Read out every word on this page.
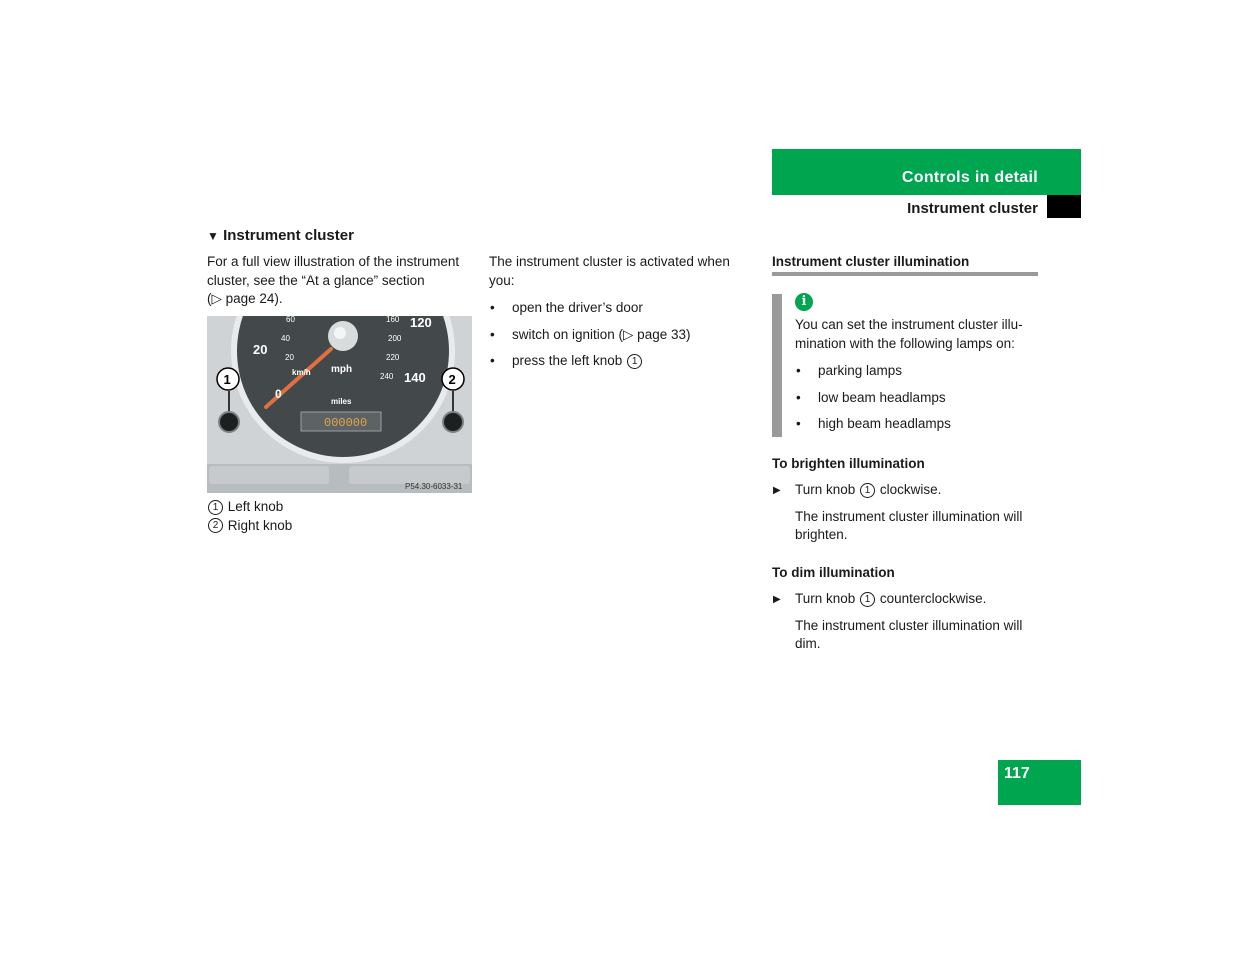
Controls in detail
Instrument cluster
▼ Instrument cluster
For a full view illustration of the instrument cluster, see the “At a glance” section
(▷ page 24).
20
0
120
140
mph
km/h
miles
60
40
20
160
200
220
240
000000
1	2
P54.30-6033-31
1 Left knob
2 Right knob
The instrument cluster is activated when you:
• open the driver’s door
• switch on ignition (▷ page 33)
• press the left knob 1
Instrument cluster illumination
i
You can set the instrument cluster illu-mination with the following lamps on:
• parking lamps
• low beam headlamps
• high beam headlamps
To brighten illumination
▶ Turn knob 1 clockwise.
The instrument cluster illumination will brighten.
To dim illumination
▶ Turn knob 1 counterclockwise.
The instrument cluster illumination will dim.
117
